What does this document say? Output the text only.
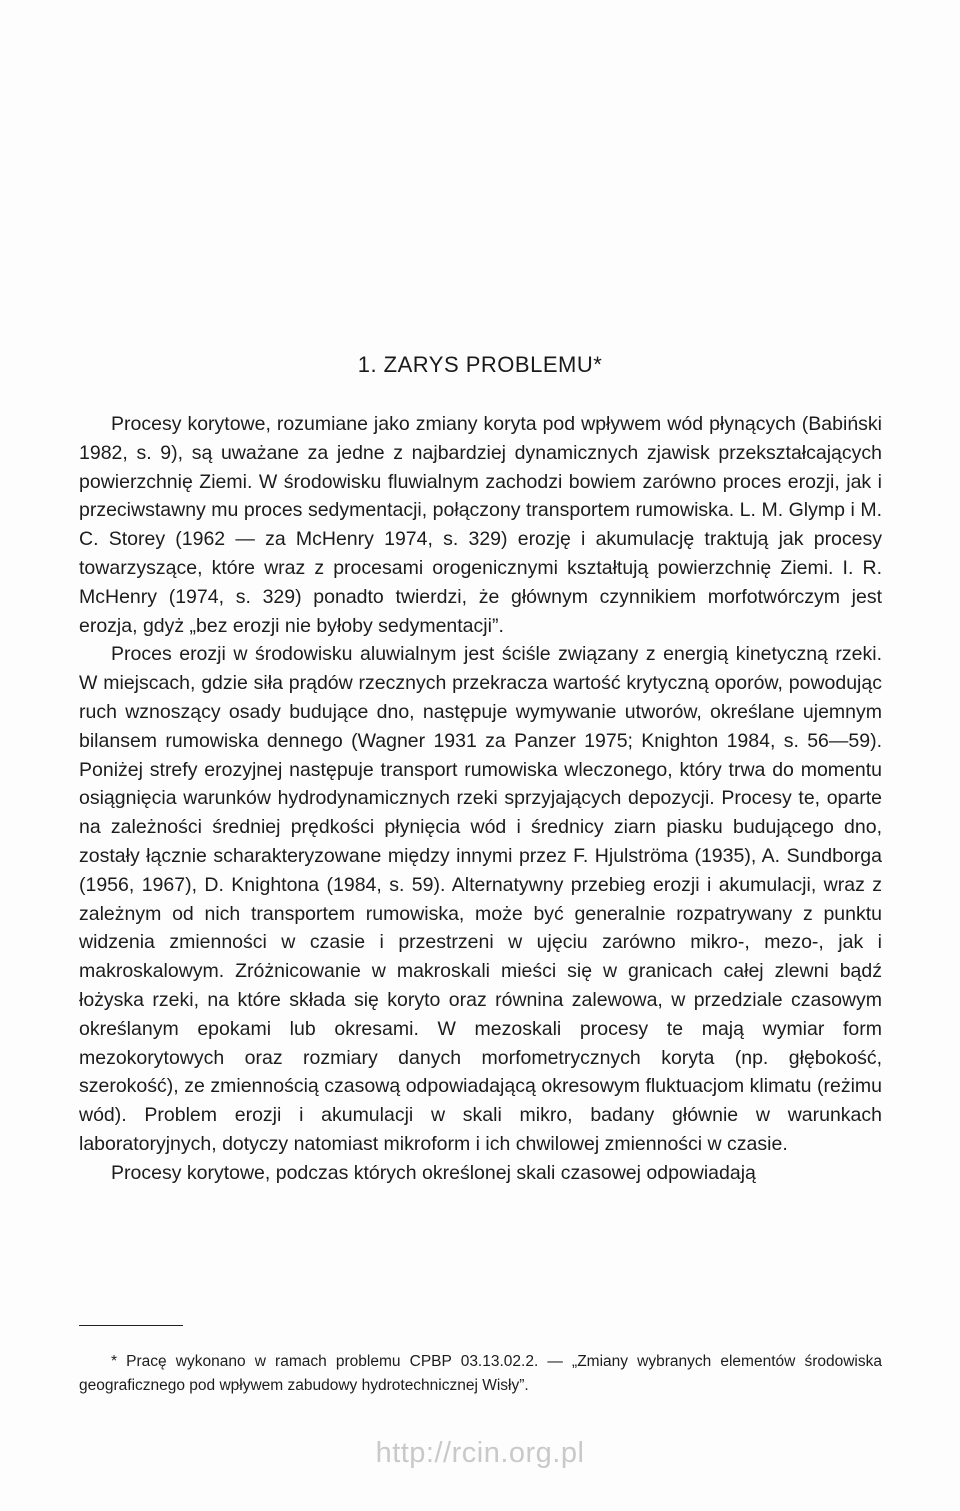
1. ZARYS PROBLEMU*

Procesy korytowe, rozumiane jako zmiany koryta pod wpływem wód płynących (Babiński 1982, s. 9), są uważane za jedne z najbardziej dynamicznych zjawisk przekształcających powierzchnię Ziemi. W środowisku fluwialnym zachodzi bowiem zarówno proces erozji, jak i przeciwstawny mu proces sedymentacji, połączony transportem rumowiska. L. M. Glymp i M. C. Storey (1962 — za McHenry 1974, s. 329) erozję i akumulację traktują jak procesy towarzyszące, które wraz z procesami orogenicznymi kształtują powierzchnię Ziemi. I. R. McHenry (1974, s. 329) ponadto twierdzi, że głównym czynnikiem morfotwórczym jest erozja, gdyż „bez erozji nie byłoby sedymentacji”.

Proces erozji w środowisku aluwialnym jest ściśle związany z energią kinetyczną rzeki. W miejscach, gdzie siła prądów rzecznych przekracza wartość krytyczną oporów, powodując ruch wznoszący osady budujące dno, następuje wymywanie utworów, określane ujemnym bilansem rumowiska dennego (Wagner 1931 za Panzer 1975; Knighton 1984, s. 56—59). Poniżej strefy erozyjnej następuje transport rumowiska wleczonego, który trwa do momentu osiągnięcia warunków hydrodynamicznych rzeki sprzyjających depozycji. Procesy te, oparte na zależności średniej prędkości płynięcia wód i średnicy ziarn piasku budującego dno, zostały łącznie scharakteryzowane między innymi przez F. Hjulströma (1935), A. Sundborga (1956, 1967), D. Knightona (1984, s. 59). Alternatywny przebieg erozji i akumulacji, wraz z zależnym od nich transportem rumowiska, może być generalnie rozpatrywany z punktu widzenia zmienności w czasie i przestrzeni w ujęciu zarówno mikro-, mezo-, jak i makroskalowym. Zróżnicowanie w makroskali mieści się w granicach całej zlewni bądź łożyska rzeki, na które składa się koryto oraz równina zalewowa, w przedziale czasowym określanym epokami lub okresami. W mezoskali procesy te mają wymiar form mezokorytowych oraz rozmiary danych morfometrycznych koryta (np. głębokość, szerokość), ze zmiennością czasową odpowiadającą okresowym fluktuacjom klimatu (reżimu wód). Problem erozji i akumulacji w skali mikro, badany głównie w warunkach laboratoryjnych, dotyczy natomiast mikroform i ich chwilowej zmienności w czasie.

Procesy korytowe, podczas których określonej skali czasowej odpowiadają

* Pracę wykonano w ramach problemu CPBP 03.13.02.2. — „Zmiany wybranych elementów środowiska geograficznego pod wpływem zabudowy hydrotechnicznej Wisły”.

http://rcin.org.pl
